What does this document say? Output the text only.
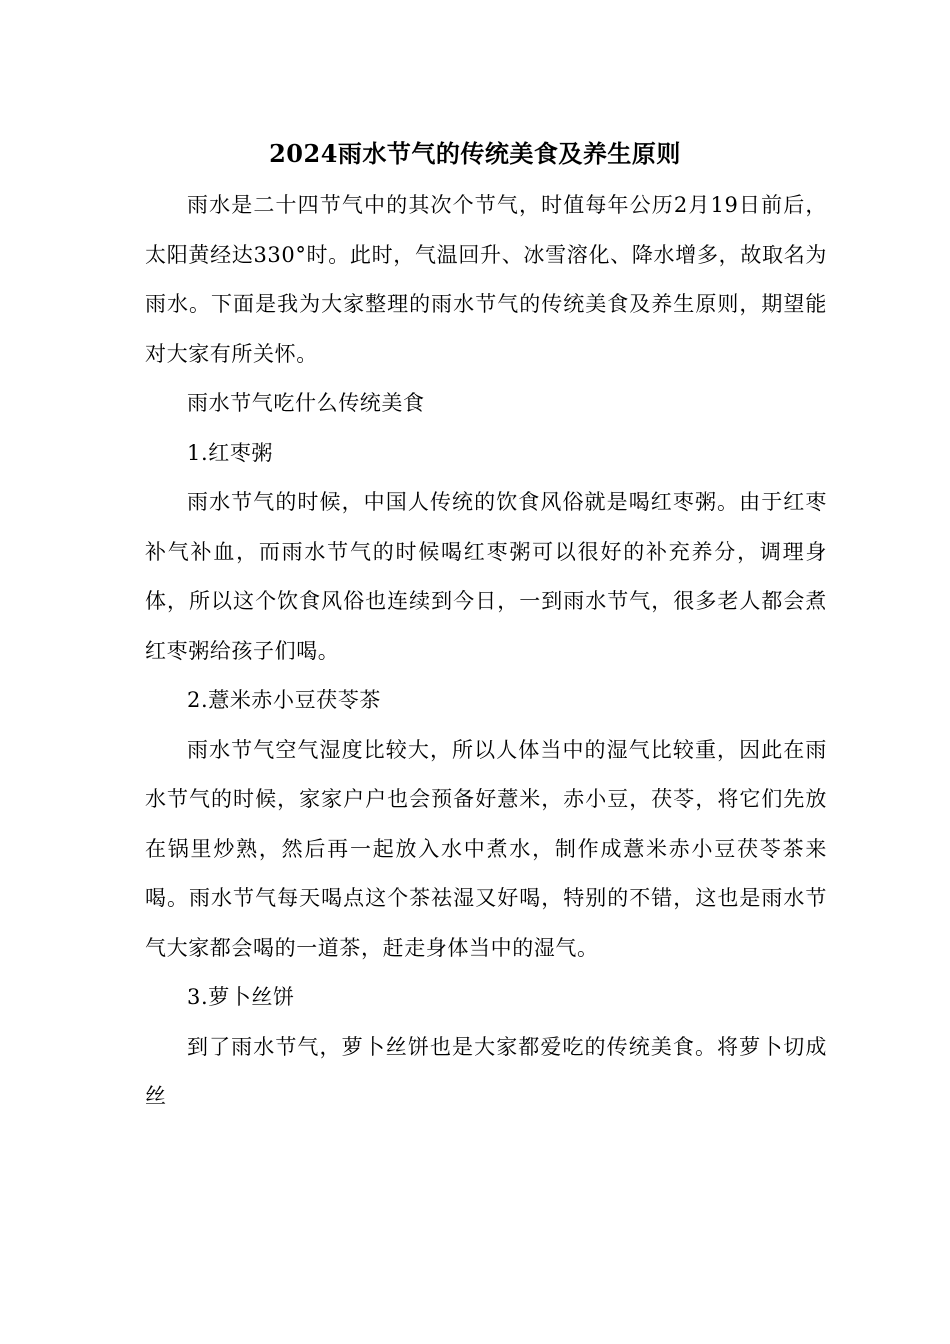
2024雨水节气的传统美食及养生原则

雨水是二十四节气中的其次个节气，时值每年公历2月19日前后，太阳黄经达330°时。此时，气温回升、冰雪溶化、降水增多，故取名为雨水。下面是我为大家整理的雨水节气的传统美食及养生原则，期望能对大家有所关怀。

雨水节气吃什么传统美食

1.红枣粥

雨水节气的时候，中国人传统的饮食风俗就是喝红枣粥。由于红枣补气补血，而雨水节气的时候喝红枣粥可以很好的补充养分，调理身体，所以这个饮食风俗也连续到今日，一到雨水节气，很多老人都会煮红枣粥给孩子们喝。

2.薏米赤小豆茯苓茶

雨水节气空气湿度比较大，所以人体当中的湿气比较重，因此在雨水节气的时候，家家户户也会预备好薏米，赤小豆，茯苓，将它们先放在锅里炒熟，然后再一起放入水中煮水，制作成薏米赤小豆茯苓茶来喝。雨水节气每天喝点这个茶祛湿又好喝，特别的不错，这也是雨水节气大家都会喝的一道茶，赶走身体当中的湿气。

3.萝卜丝饼

到了雨水节气，萝卜丝饼也是大家都爱吃的传统美食。将萝卜切成丝
